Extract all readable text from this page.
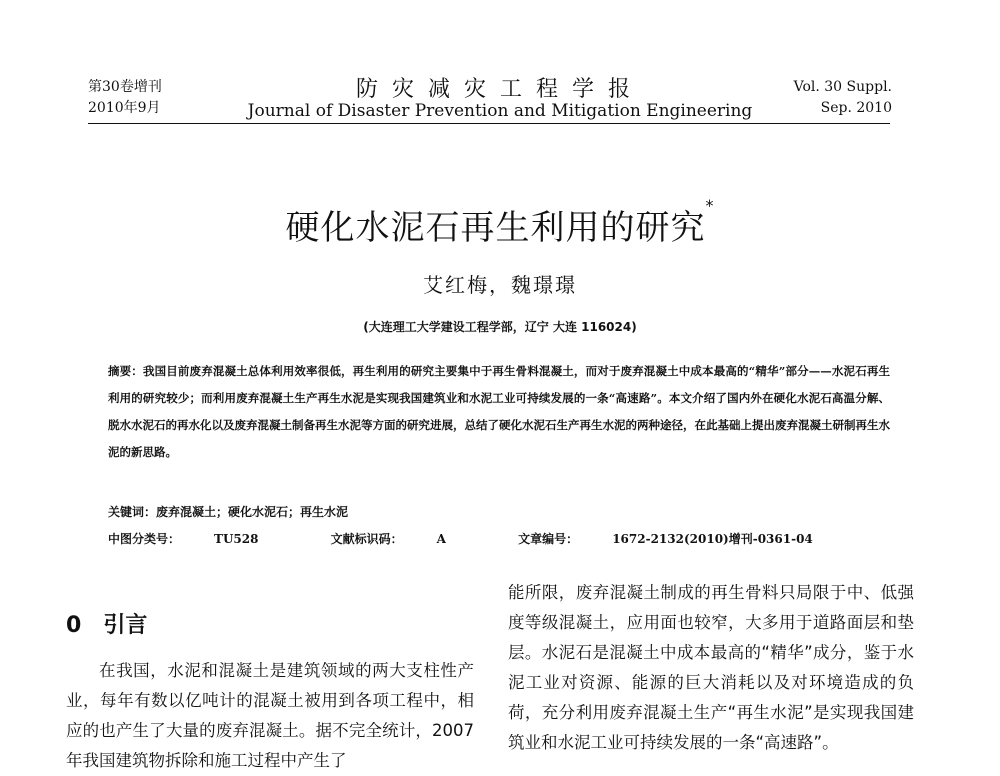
第30卷增刊
2010年9月
防灾减灾工程学报
Journal of Disaster Prevention and Mitigation Engineering
Vol. 30 Suppl.
Sep. 2010
硬化水泥石再生利用的研究*
艾红梅，魏璟璟
(大连理工大学建设工程学部，辽宁 大连 116024)
摘要：我国目前废弃混凝土总体利用效率很低，再生利用的研究主要集中于再生骨料混凝土，而对于废弃混凝土中成本最高的“精华”部分——水泥石再生利用的研究较少；而利用废弃混凝土生产再生水泥是实现我国建筑业和水泥工业可持续发展的一条“高速路”。本文介绍了国内外在硬化水泥石高温分解、脱水水泥石的再水化以及废弃混凝土制备再生水泥等方面的研究进展，总结了硬化水泥石生产再生水泥的两种途径，在此基础上提出废弃混凝土研制再生水泥的新思路。
关键词：废弃混凝土；硬化水泥石；再生水泥
中图分类号：	TU528	文献标识码：	A	文章编号：	1672-2132(2010)增刊-0361-04
0 引言
在我国，水泥和混凝土是建筑领域的两大支柱性产业，每年有数以亿吨计的混凝土被用到各项工程中，相应的也产生了大量的废弃混凝土。据不完全统计，2007年我国建筑物拆除和施工过程中产生了
能所限，废弃混凝土制成的再生骨料只局限于中、低强度等级混凝土，应用面也较窄，大多用于道路面层和垫层。水泥石是混凝土中成本最高的“精华”成分，鉴于水泥工业对资源、能源的巨大消耗以及对环境造成的负荷，充分利用废弃混凝土生产“再生水泥”是实现我国建筑业和水泥工业可持续发展的一条“高速路”。
